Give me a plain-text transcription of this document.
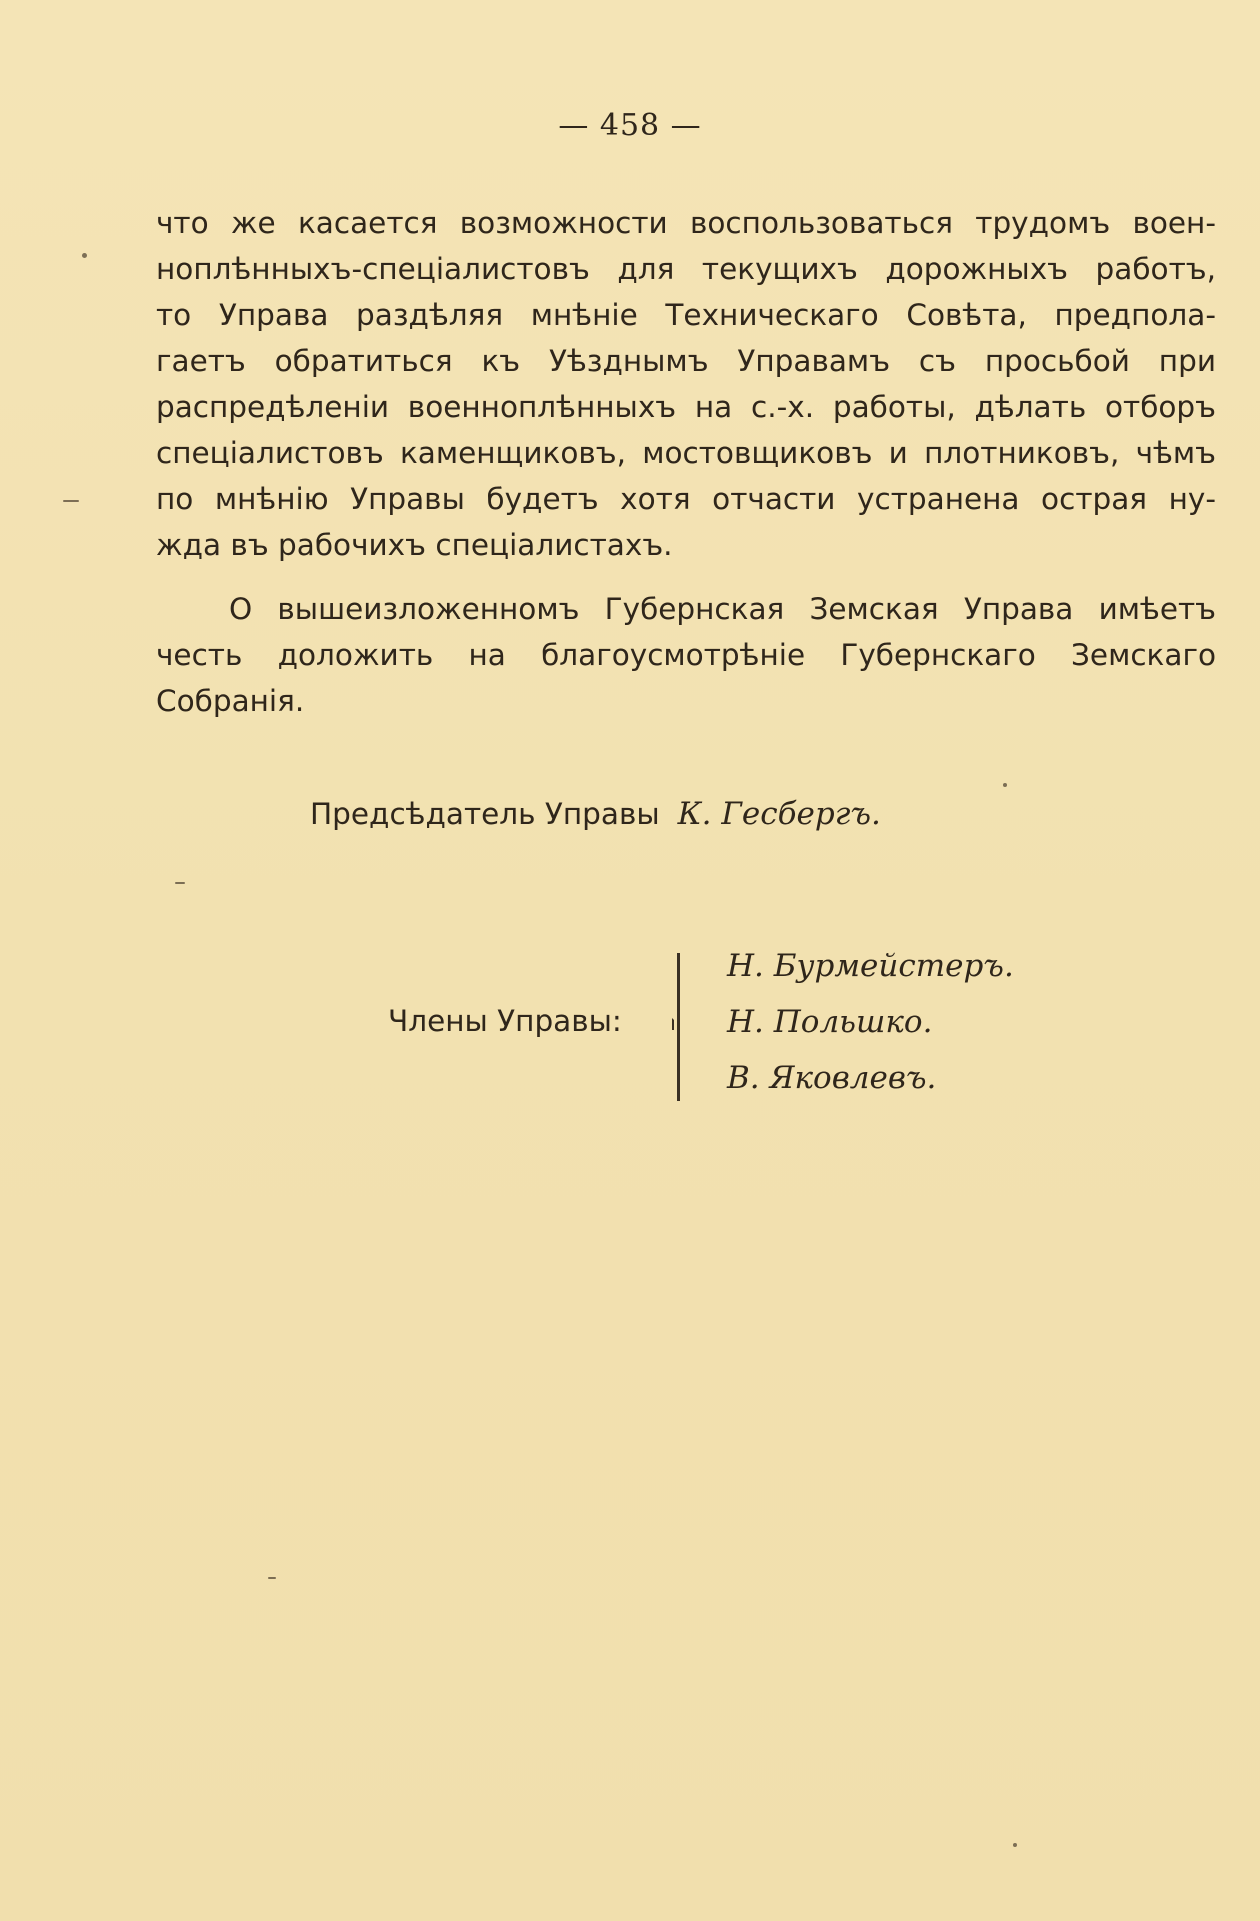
— 458 —
что же касается возможности воспользоваться трудомъ воен-
ноплѣнныхъ-спецiалистовъ для текущихъ дорожныхъ работъ,
то Управа раздѣляя мнѣнiе Техническаго Совѣта, предпола-
гаетъ обратиться къ Уѣзднымъ Управамъ съ просьбой при
распредѣленiи военноплѣнныхъ на с.-х. работы, дѣлать отборъ
спецiалистовъ каменщиковъ, мостовщиковъ и плотниковъ, чѣмъ
по мнѣнiю Управы будетъ хотя отчасти устранена острая ну-
жда въ рабочихъ спецiалистахъ.
О вышеизложенномъ Губернская Земская Управа имѣетъ
честь доложить на благоусмотрѣнiе Губернскаго Земскаго
Собранiя.
Предсѣдатель Управы К. Гесбергъ.
Члены Управы:
Н. Бурмейстеръ.
Н. Польшко.
В. Яковлевъ.
